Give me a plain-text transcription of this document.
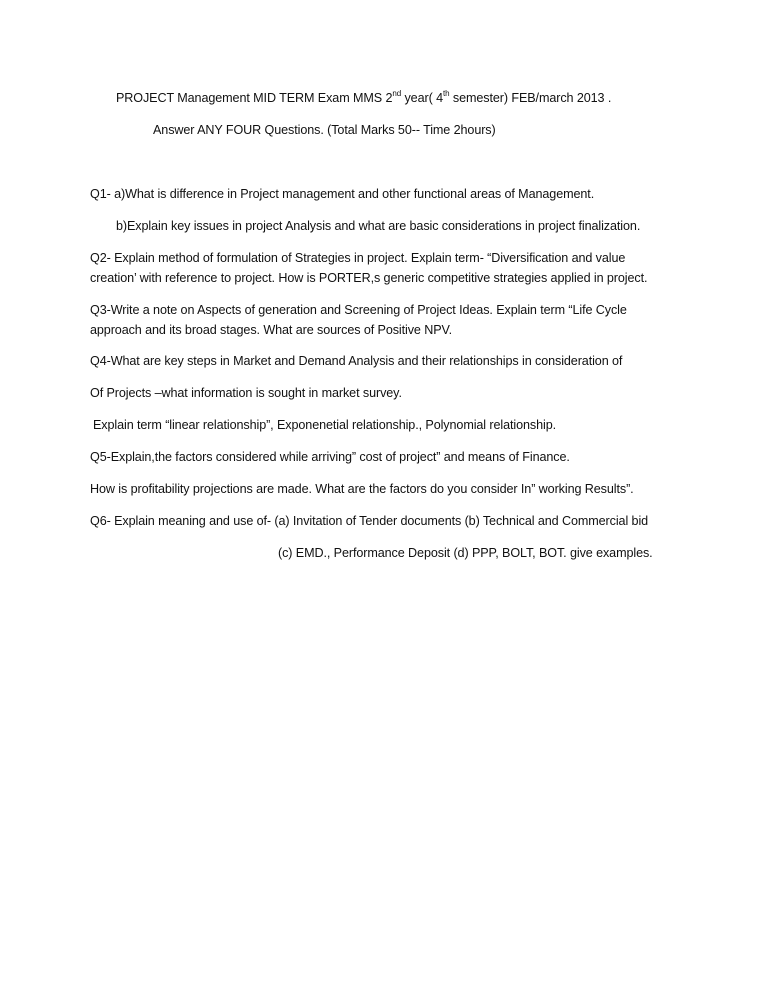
PROJECT Management MID TERM Exam MMS 2nd year( 4th semester) FEB/march 2013 .
Answer ANY FOUR Questions. (Total Marks 50-- Time 2hours)
Q1- a)What is difference in Project management and other functional areas of Management.
b)Explain key issues in project Analysis and what are basic considerations in project finalization.
Q2- Explain method of formulation of Strategies in project. Explain term- “Diversification and value
creation’ with reference to project. How is PORTER,s generic competitive strategies applied in project.
Q3-Write a note on Aspects of generation and Screening of Project Ideas. Explain term “Life Cycle
approach and its broad stages. What are sources of Positive NPV.
Q4-What are key steps in Market and Demand Analysis and their relationships in consideration of
Of Projects –what information is sought in market survey.
Explain term “linear relationship”, Exponenetial relationship., Polynomial relationship.
Q5-Explain,the factors considered while arriving” cost of project” and means of Finance.
How is profitability projections are made. What are the factors do you consider In” working Results”.
Q6- Explain meaning and use of- (a) Invitation of Tender documents (b) Technical and Commercial bid
(c) EMD., Performance Deposit (d) PPP, BOLT, BOT. give examples.
